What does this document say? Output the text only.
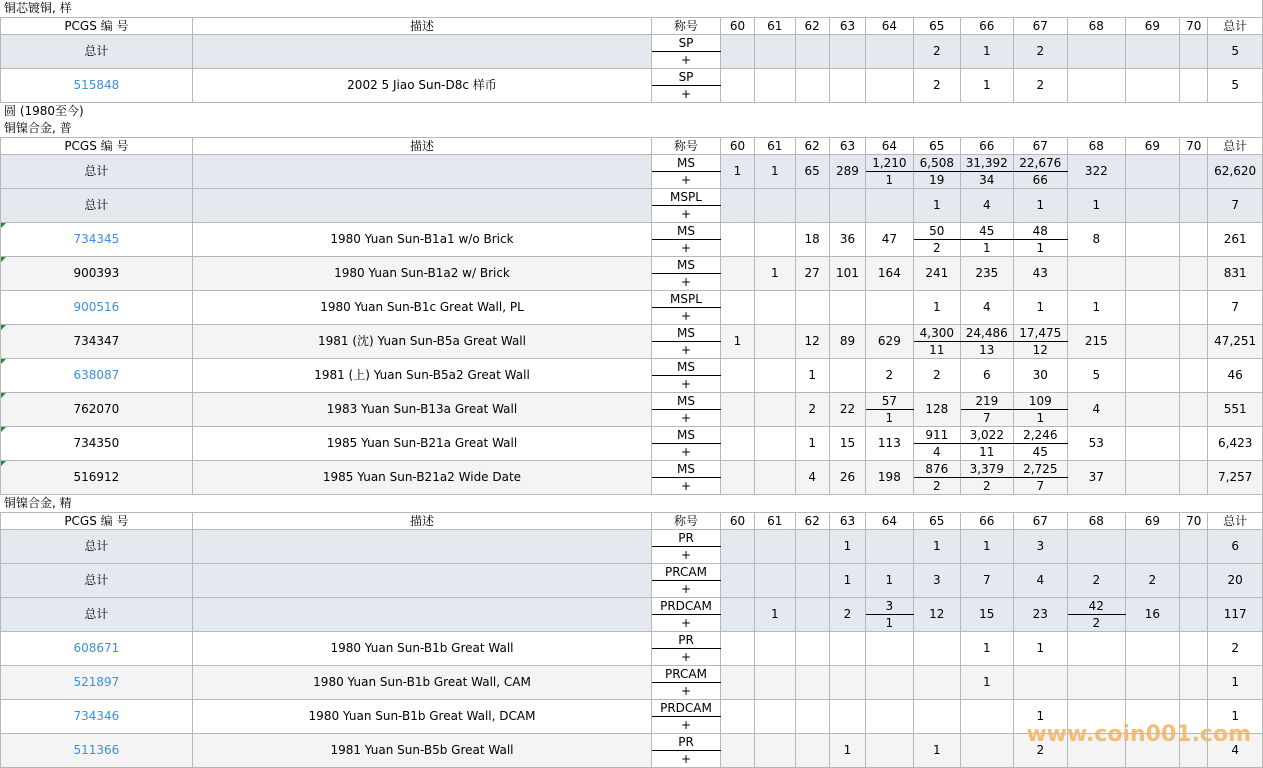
铜芯镀铜, 样
PCGS 编 号	描述	称号	60	61	62	63	64	65	66	67	68	69	70	总计
总计		SP						2	1	2				5
		+												
515848	2002 5 Jiao Sun-D8c 样币	SP						2	1	2				5
		+												
圆 (1980至今)
铜镍合金, 普
PCGS 编 号	描述	称号	60	61	62	63	64	65	66	67	68	69	70	总计
总计		MS	1	1	65	289	1,210	6,508	31,392	22,676	322			62,620
		+					1	19	34	66				
总计		MSPL						1	4	1	1			7
		+												
734345	1980 Yuan Sun-B1a1 w/o Brick	MS			18	36	47	50	45	48	8			261
		+						2	1	1				
900393	1980 Yuan Sun-B1a2 w/ Brick	MS		1	27	101	164	241	235	43				831
		+												
900516	1980 Yuan Sun-B1c Great Wall, PL	MSPL						1	4	1	1			7
		+												
734347	1981 (沈) Yuan Sun-B5a Great Wall	MS	1		12	89	629	4,300	24,486	17,475	215			47,251
		+						11	13	12				
638087	1981 (上) Yuan Sun-B5a2 Great Wall	MS			1		2	2	6	30	5			46
		+												
762070	1983 Yuan Sun-B13a Great Wall	MS			2	22	57	128	219	109	4			551
		+					1		7	1				
734350	1985 Yuan Sun-B21a Great Wall	MS			1	15	113	911	3,022	2,246	53			6,423
		+						4	11	45				
516912	1985 Yuan Sun-B21a2 Wide Date	MS			4	26	198	876	3,379	2,725	37			7,257
		+						2	2	7				
铜镍合金, 精
PCGS 编 号	描述	称号	60	61	62	63	64	65	66	67	68	69	70	总计
总计		PR				1		1	1	3				6
		+												
总计		PRCAM				1	1	3	7	4	2	2		20
		+												
总计		PRDCAM		1		2	3	12	15	23	42	16		117
		+					1				2			
608671	1980 Yuan Sun-B1b Great Wall	PR							1	1				2
		+												
521897	1980 Yuan Sun-B1b Great Wall, CAM	PRCAM							1					1
		+												
734346	1980 Yuan Sun-B1b Great Wall, DCAM	PRDCAM								1				1
		+												
511366	1981 Yuan Sun-B5b Great Wall	PR				1		1		2				4
		+												
www.coin001.com
